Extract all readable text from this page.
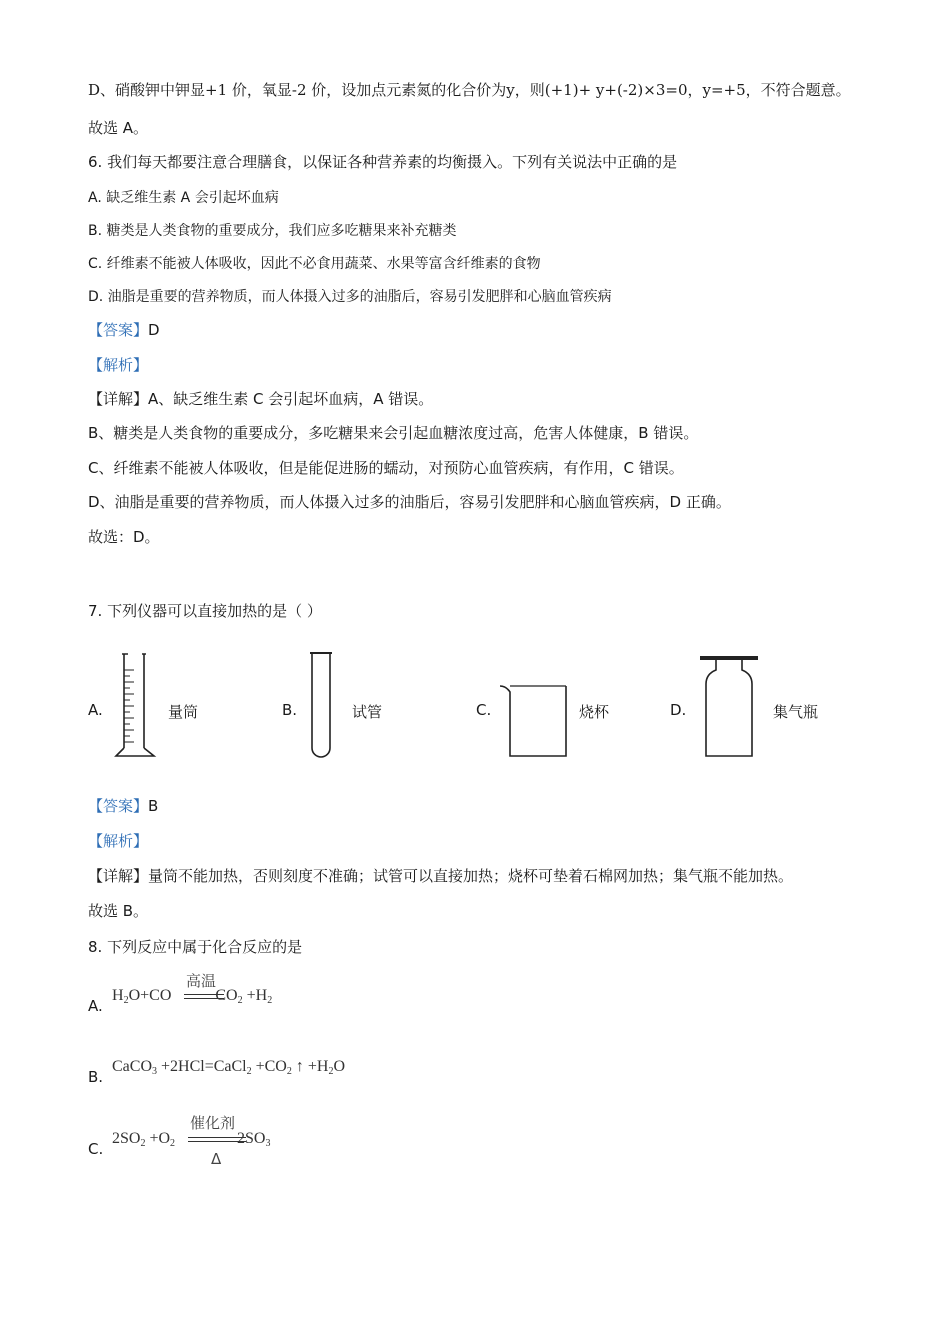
D、硝酸钾中钾显+1 价，氧显-2 价，设加点元素氮的化合价为y，则(+1)+ y+(-2)×3=0，y=+5，不符合题意。
故选 A。
6. 我们每天都要注意合理膳食，以保证各种营养素的均衡摄入。下列有关说法中正确的是
A. 缺乏维生素 A 会引起坏血病
B. 糖类是人类食物的重要成分，我们应多吃糖果来补充糖类
C. 纤维素不能被人体吸收，因此不必食用蔬菜、水果等富含纤维素的食物
D. 油脂是重要的营养物质，而人体摄入过多的油脂后，容易引发肥胖和心脑血管疾病
【答案】D
【解析】
【详解】A、缺乏维生素 C 会引起坏血病，A 错误。
B、糖类是人类食物的重要成分，多吃糖果来会引起血糖浓度过高，危害人体健康，B 错误。
C、纤维素不能被人体吸收，但是能促进肠的蠕动，对预防心血管疾病，有作用，C 错误。
D、油脂是重要的营养物质，而人体摄入过多的油脂后，容易引发肥胖和心脑血管疾病，D 正确。
故选：D。
7. 下列仪器可以直接加热的是（ ）
A.	量筒	B.	试管	C.	烧杯	D.	集气瓶
【答案】B
【解析】
【详解】量筒不能加热，否则刻度不准确；试管可以直接加热；烧杯可垫着石棉网加热；集气瓶不能加热。
故选 B。
8. 下列反应中属于化合反应的是
A.
高温
$H_2O+CO$	$CO_2 +H_2$
B.
CaCO$_3$ +2HCl=CaCl$_2$ $+CO_2$ ↑ $+H_2O$
C.
催化剂
Δ
$2SO_2 +O_2$	$2SO_3$
